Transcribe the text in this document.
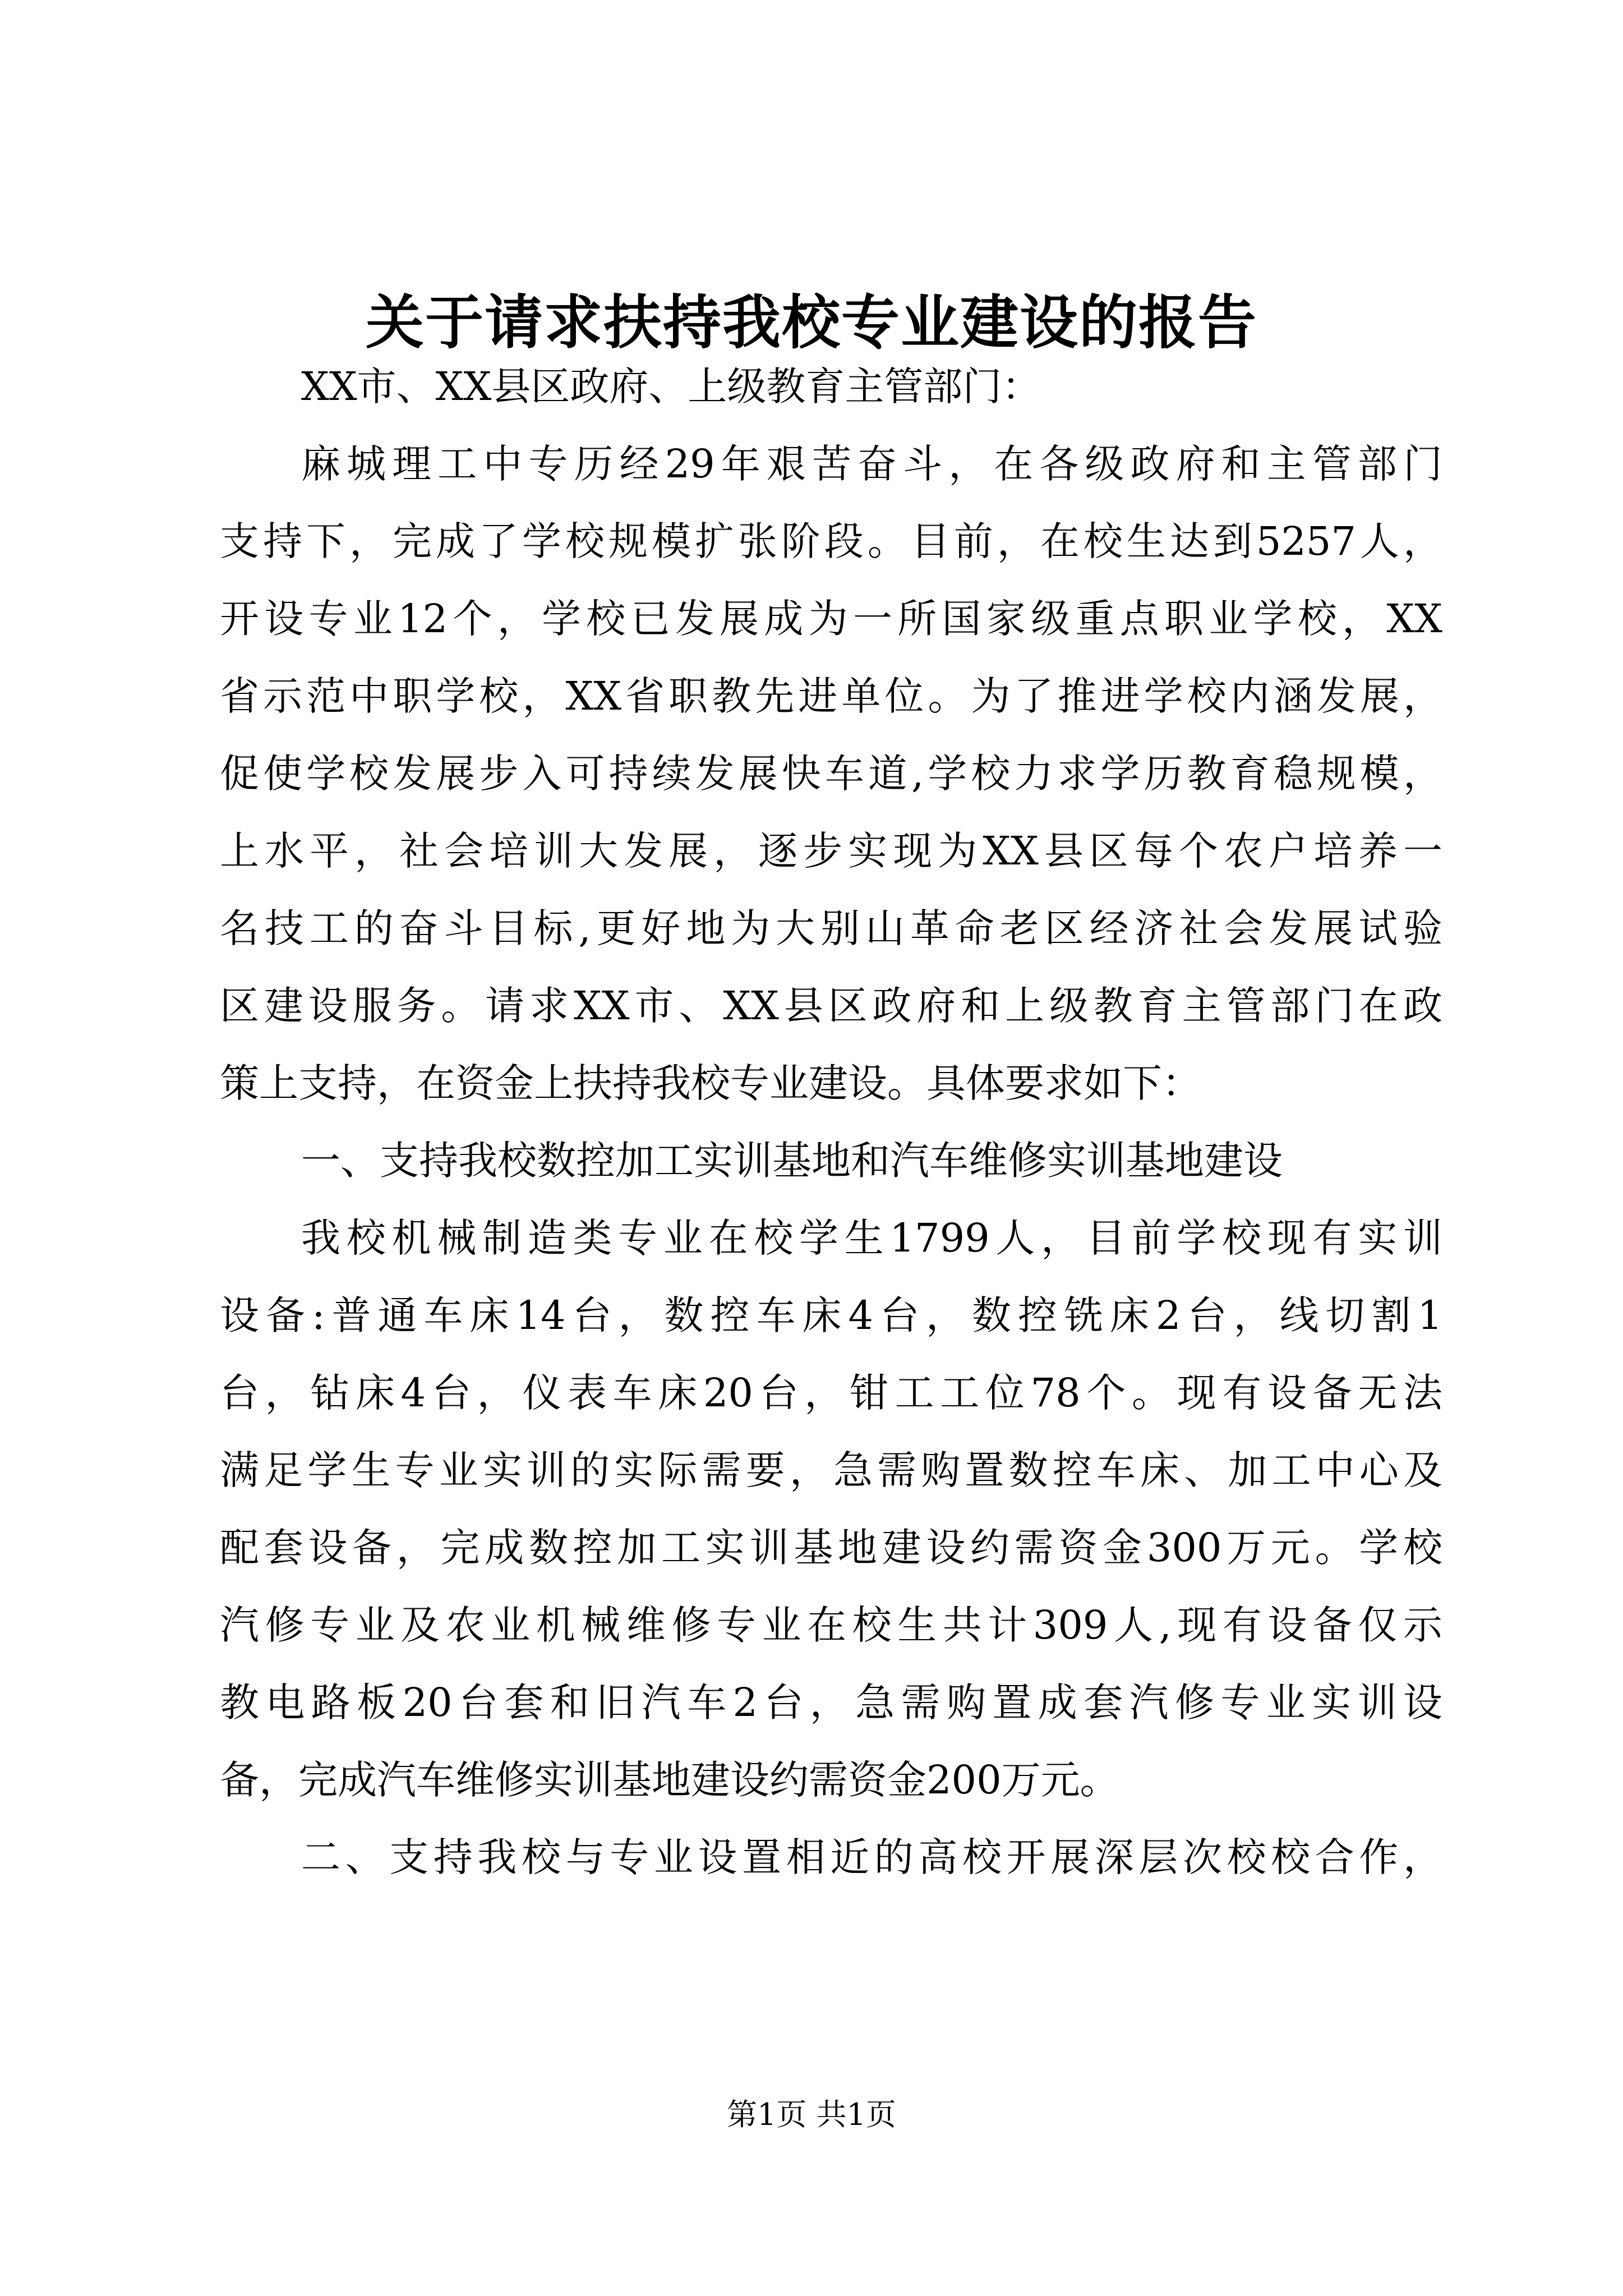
关于请求扶持我校专业建设的报告
XX市、XX县区政府、上级教育主管部门：
麻城理工中专历经29年艰苦奋斗，在各级政府和主管部门
支持下，完成了学校规模扩张阶段。目前，在校生达到5257人，
开设专业12个，学校已发展成为一所国家级重点职业学校，XX
省示范中职学校，XX省职教先进单位。为了推进学校内涵发展，
促使学校发展步入可持续发展快车道,学校力求学历教育稳规模，
上水平，社会培训大发展，逐步实现为XX县区每个农户培养一
名技工的奋斗目标,更好地为大别山革命老区经济社会发展试验
区建设服务。请求XX市、XX县区政府和上级教育主管部门在政
策上支持，在资金上扶持我校专业建设。具体要求如下：
一、支持我校数控加工实训基地和汽车维修实训基地建设
我校机械制造类专业在校学生1799人，目前学校现有实训
设备:普通车床14台，数控车床4台，数控铣床2台，线切割1
台，钻床4台，仪表车床20台，钳工工位78个。现有设备无法
满足学生专业实训的实际需要，急需购置数控车床、加工中心及
配套设备，完成数控加工实训基地建设约需资金300万元。学校
汽修专业及农业机械维修专业在校生共计309人,现有设备仅示
教电路板20台套和旧汽车2台，急需购置成套汽修专业实训设
备，完成汽车维修实训基地建设约需资金200万元。
二、支持我校与专业设置相近的高校开展深层次校校合作，
第1页 共1页
